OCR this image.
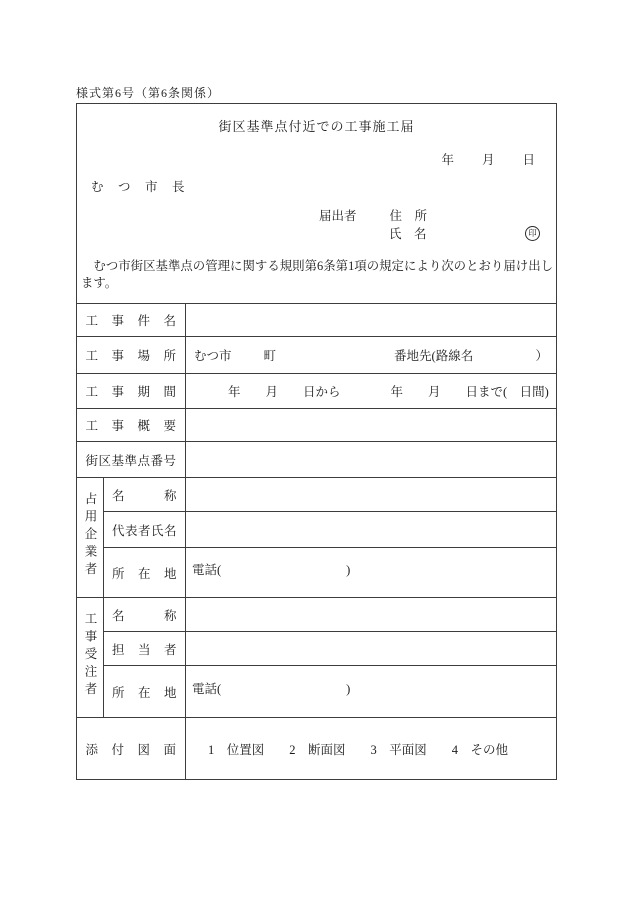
様式第6号（第6条関係）
街区基準点付近での工事施工届
年　　月　　日
む　つ　市　長
届出者	住　所
氏　名	印
　むつ市街区基準点の管理に関する規則第6条第1項の規定により次のとおり届け出します。
工　事　件　名		
工　事　場　所		むつ市 町 番地先(路線名 ）

工　事　期　間		年　　月　　日から　　　　年　　月　　日まで(　日間)

工　事　概　要		
街区基準点番号		
占用企業者	名　　　称	
	代表者氏名	
	所　在　地	電話(　　　　　　　　　　)

工事受注者	名　　　称	
	担　当　者	
	所　在　地	電話(　　　　　　　　　　)

添　付　図　面		1　位置図　　2　断面図　　3　平面図　　4　その他
